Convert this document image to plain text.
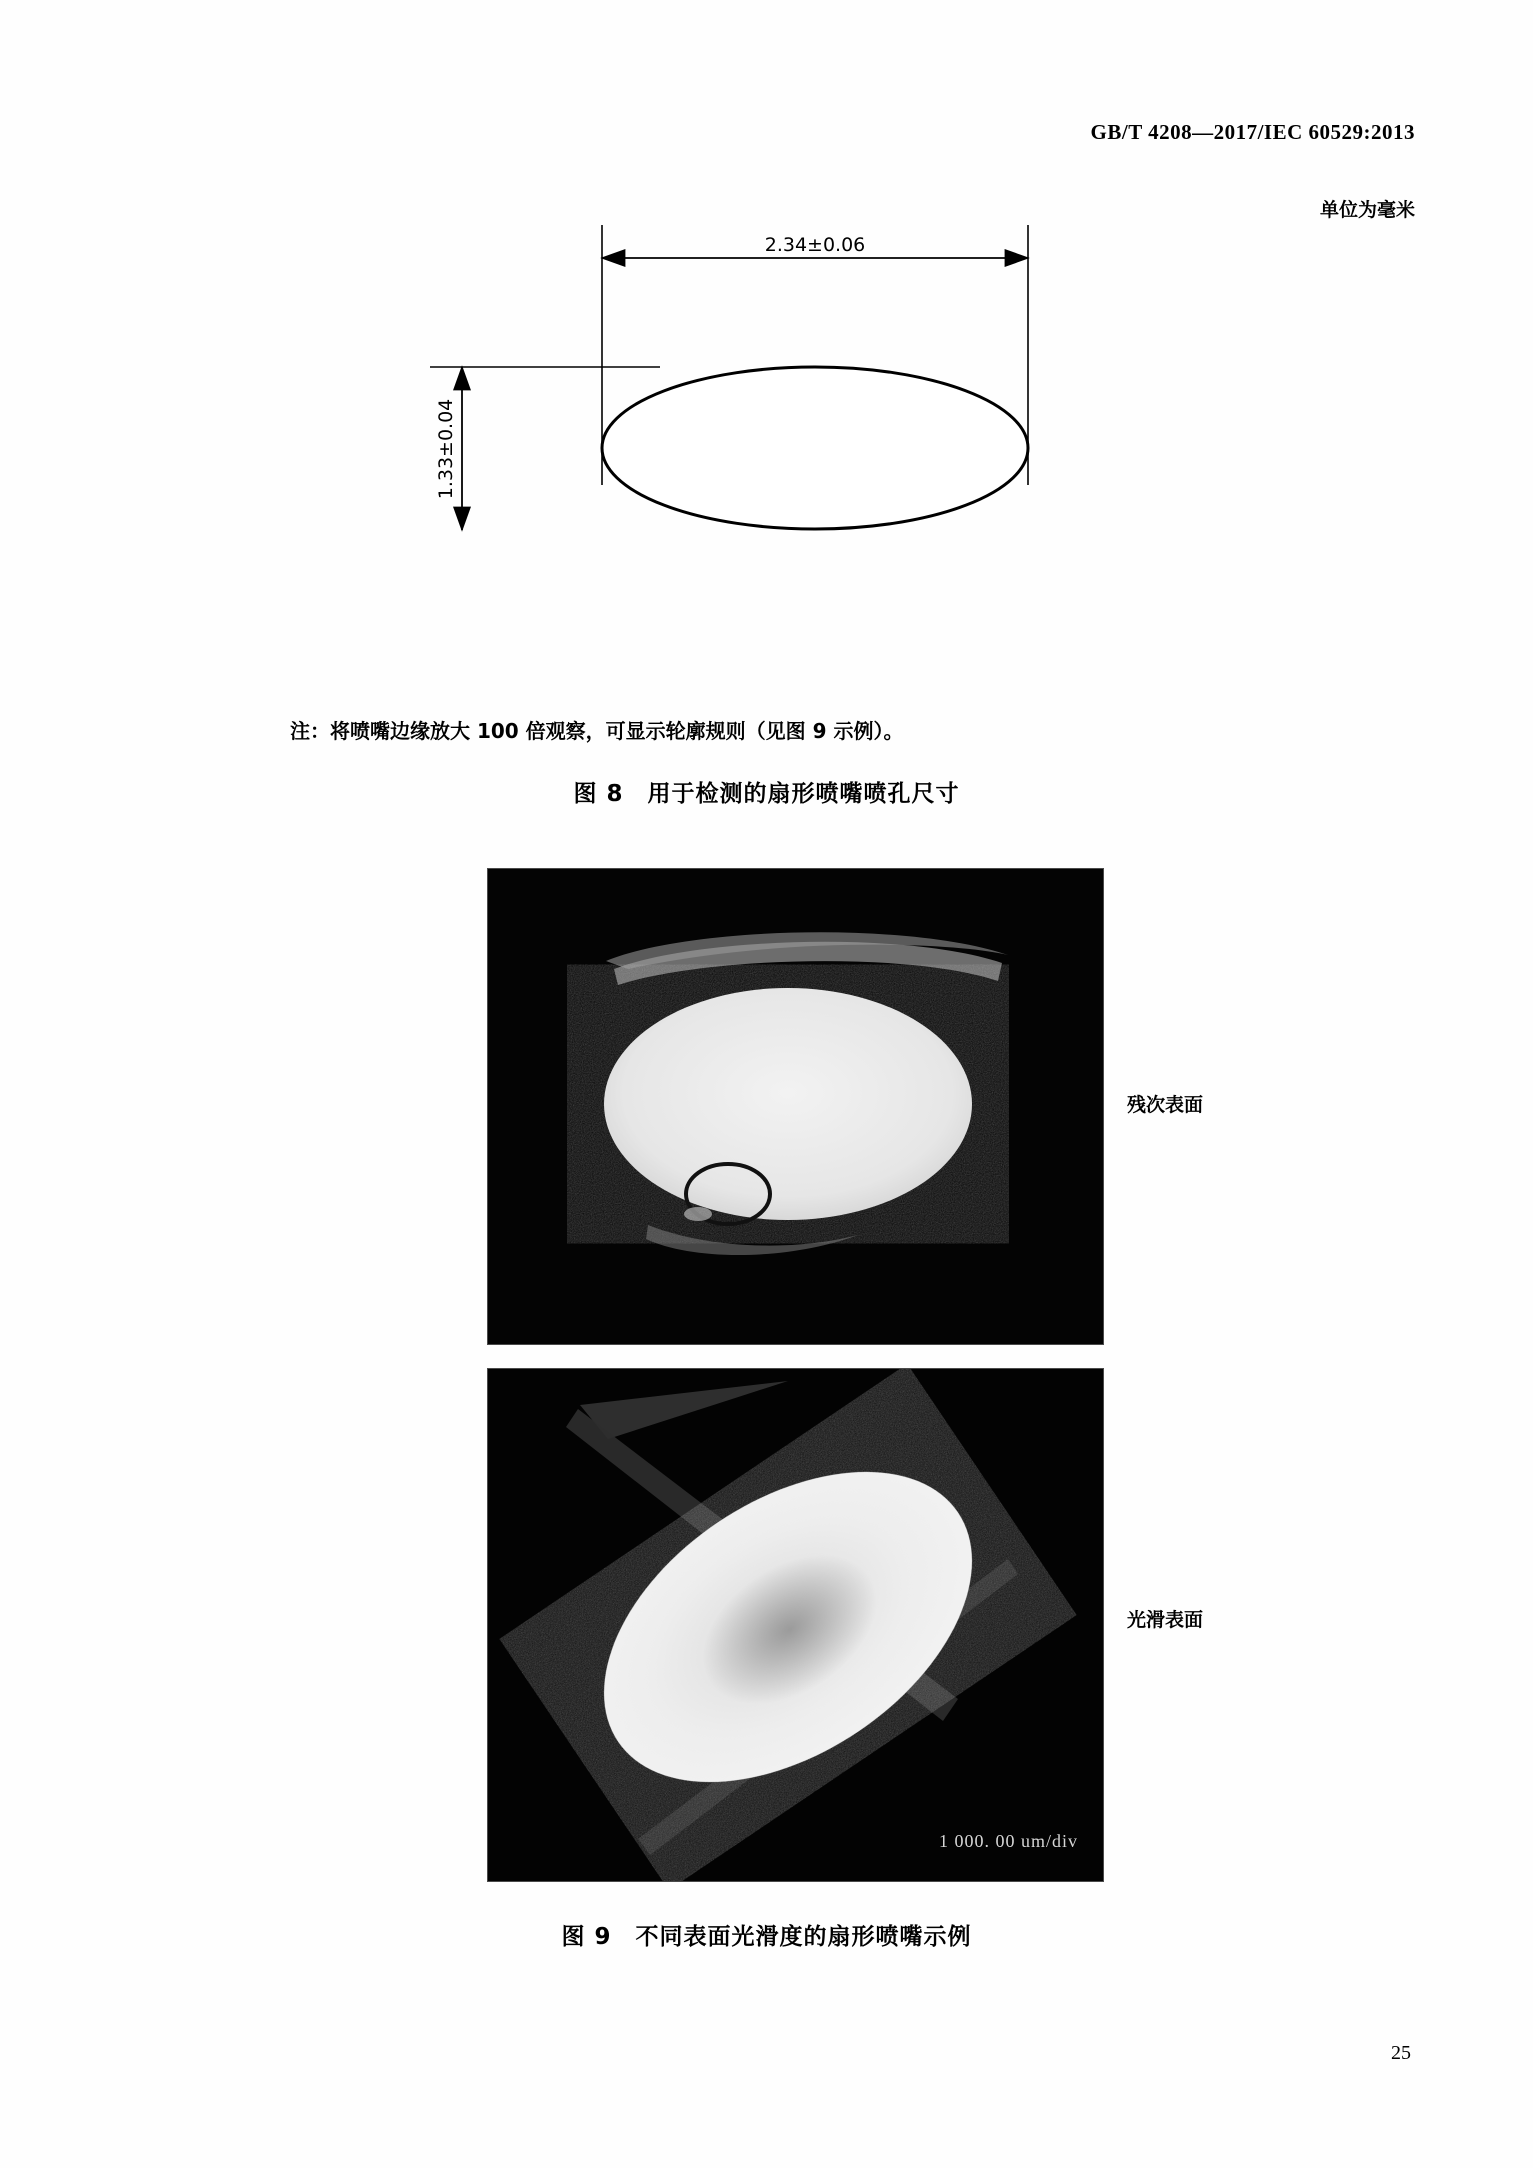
GB/T 4208—2017/IEC 60529:2013
单位为毫米
2.34±0.06
1.33±0.04
注：将喷嘴边缘放大 100 倍观察，可显示轮廓规则（见图 9 示例）。
图 8 用于检测的扇形喷嘴喷孔尺寸
残次表面
1 000. 00 um/div
光滑表面
图 9 不同表面光滑度的扇形喷嘴示例
25
